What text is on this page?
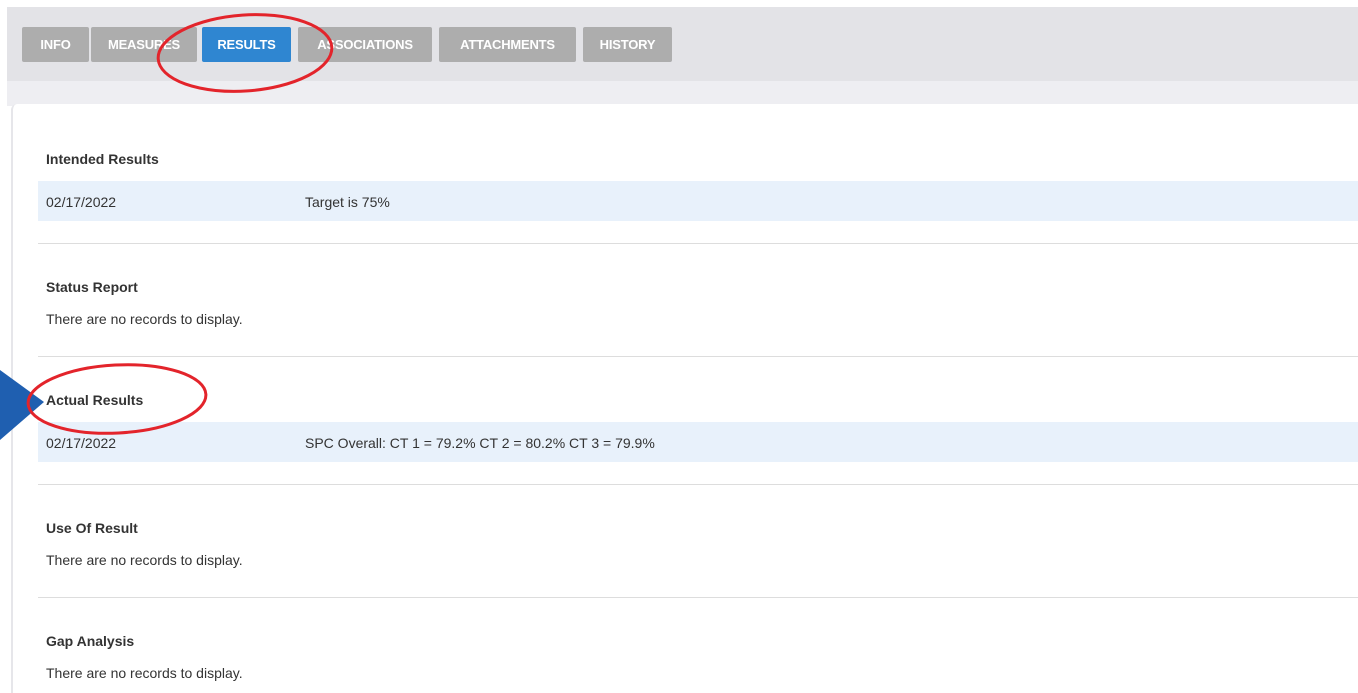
INFO	MEASURES	RESULTS	ASSOCIATIONS	ATTACHMENTS	HISTORY
Intended Results
02/17/2022	Target is 75%
Status Report
There are no records to display.
Actual Results
02/17/2022	SPC Overall: CT 1 = 79.2% CT 2 = 80.2% CT 3 = 79.9%
Use Of Result
There are no records to display.
Gap Analysis
There are no records to display.
